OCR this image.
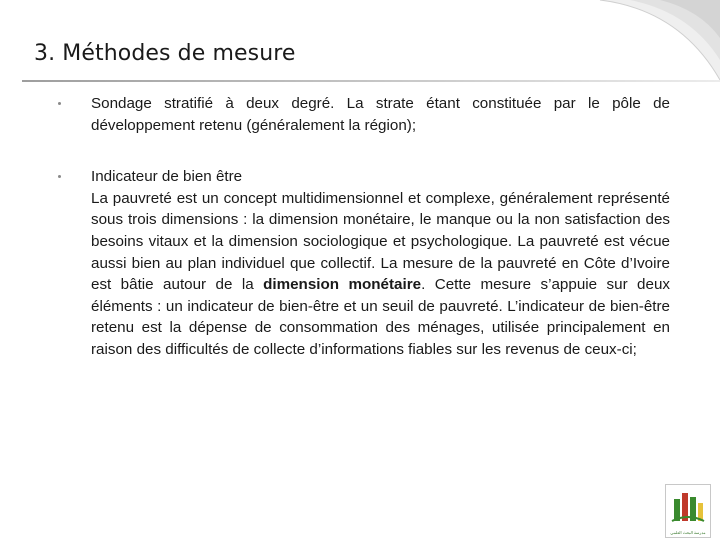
3. Méthodes de mesure

Sondage stratifié à deux degré. La strate étant constituée par le pôle de développement retenu (généralement la région);

Indicateur de bien être
La pauvreté est un concept multidimensionnel et complexe, généralement représenté sous trois dimensions : la dimension monétaire, le manque ou la non satisfaction des besoins vitaux et la dimension sociologique et psychologique. La pauvreté est vécue aussi bien au plan individuel que collectif. La mesure de la pauvreté en Côte d’Ivoire est bâtie autour de la dimension monétaire. Cette mesure s’appuie sur deux éléments : un indicateur de bien-être et un seuil de pauvreté. L’indicateur de bien-être retenu est la dépense de consommation des ménages, utilisée principalement en raison des difficultés de collecte d’informations fiables sur les revenus de ceux-ci;

مدرسة البحث العلمي
